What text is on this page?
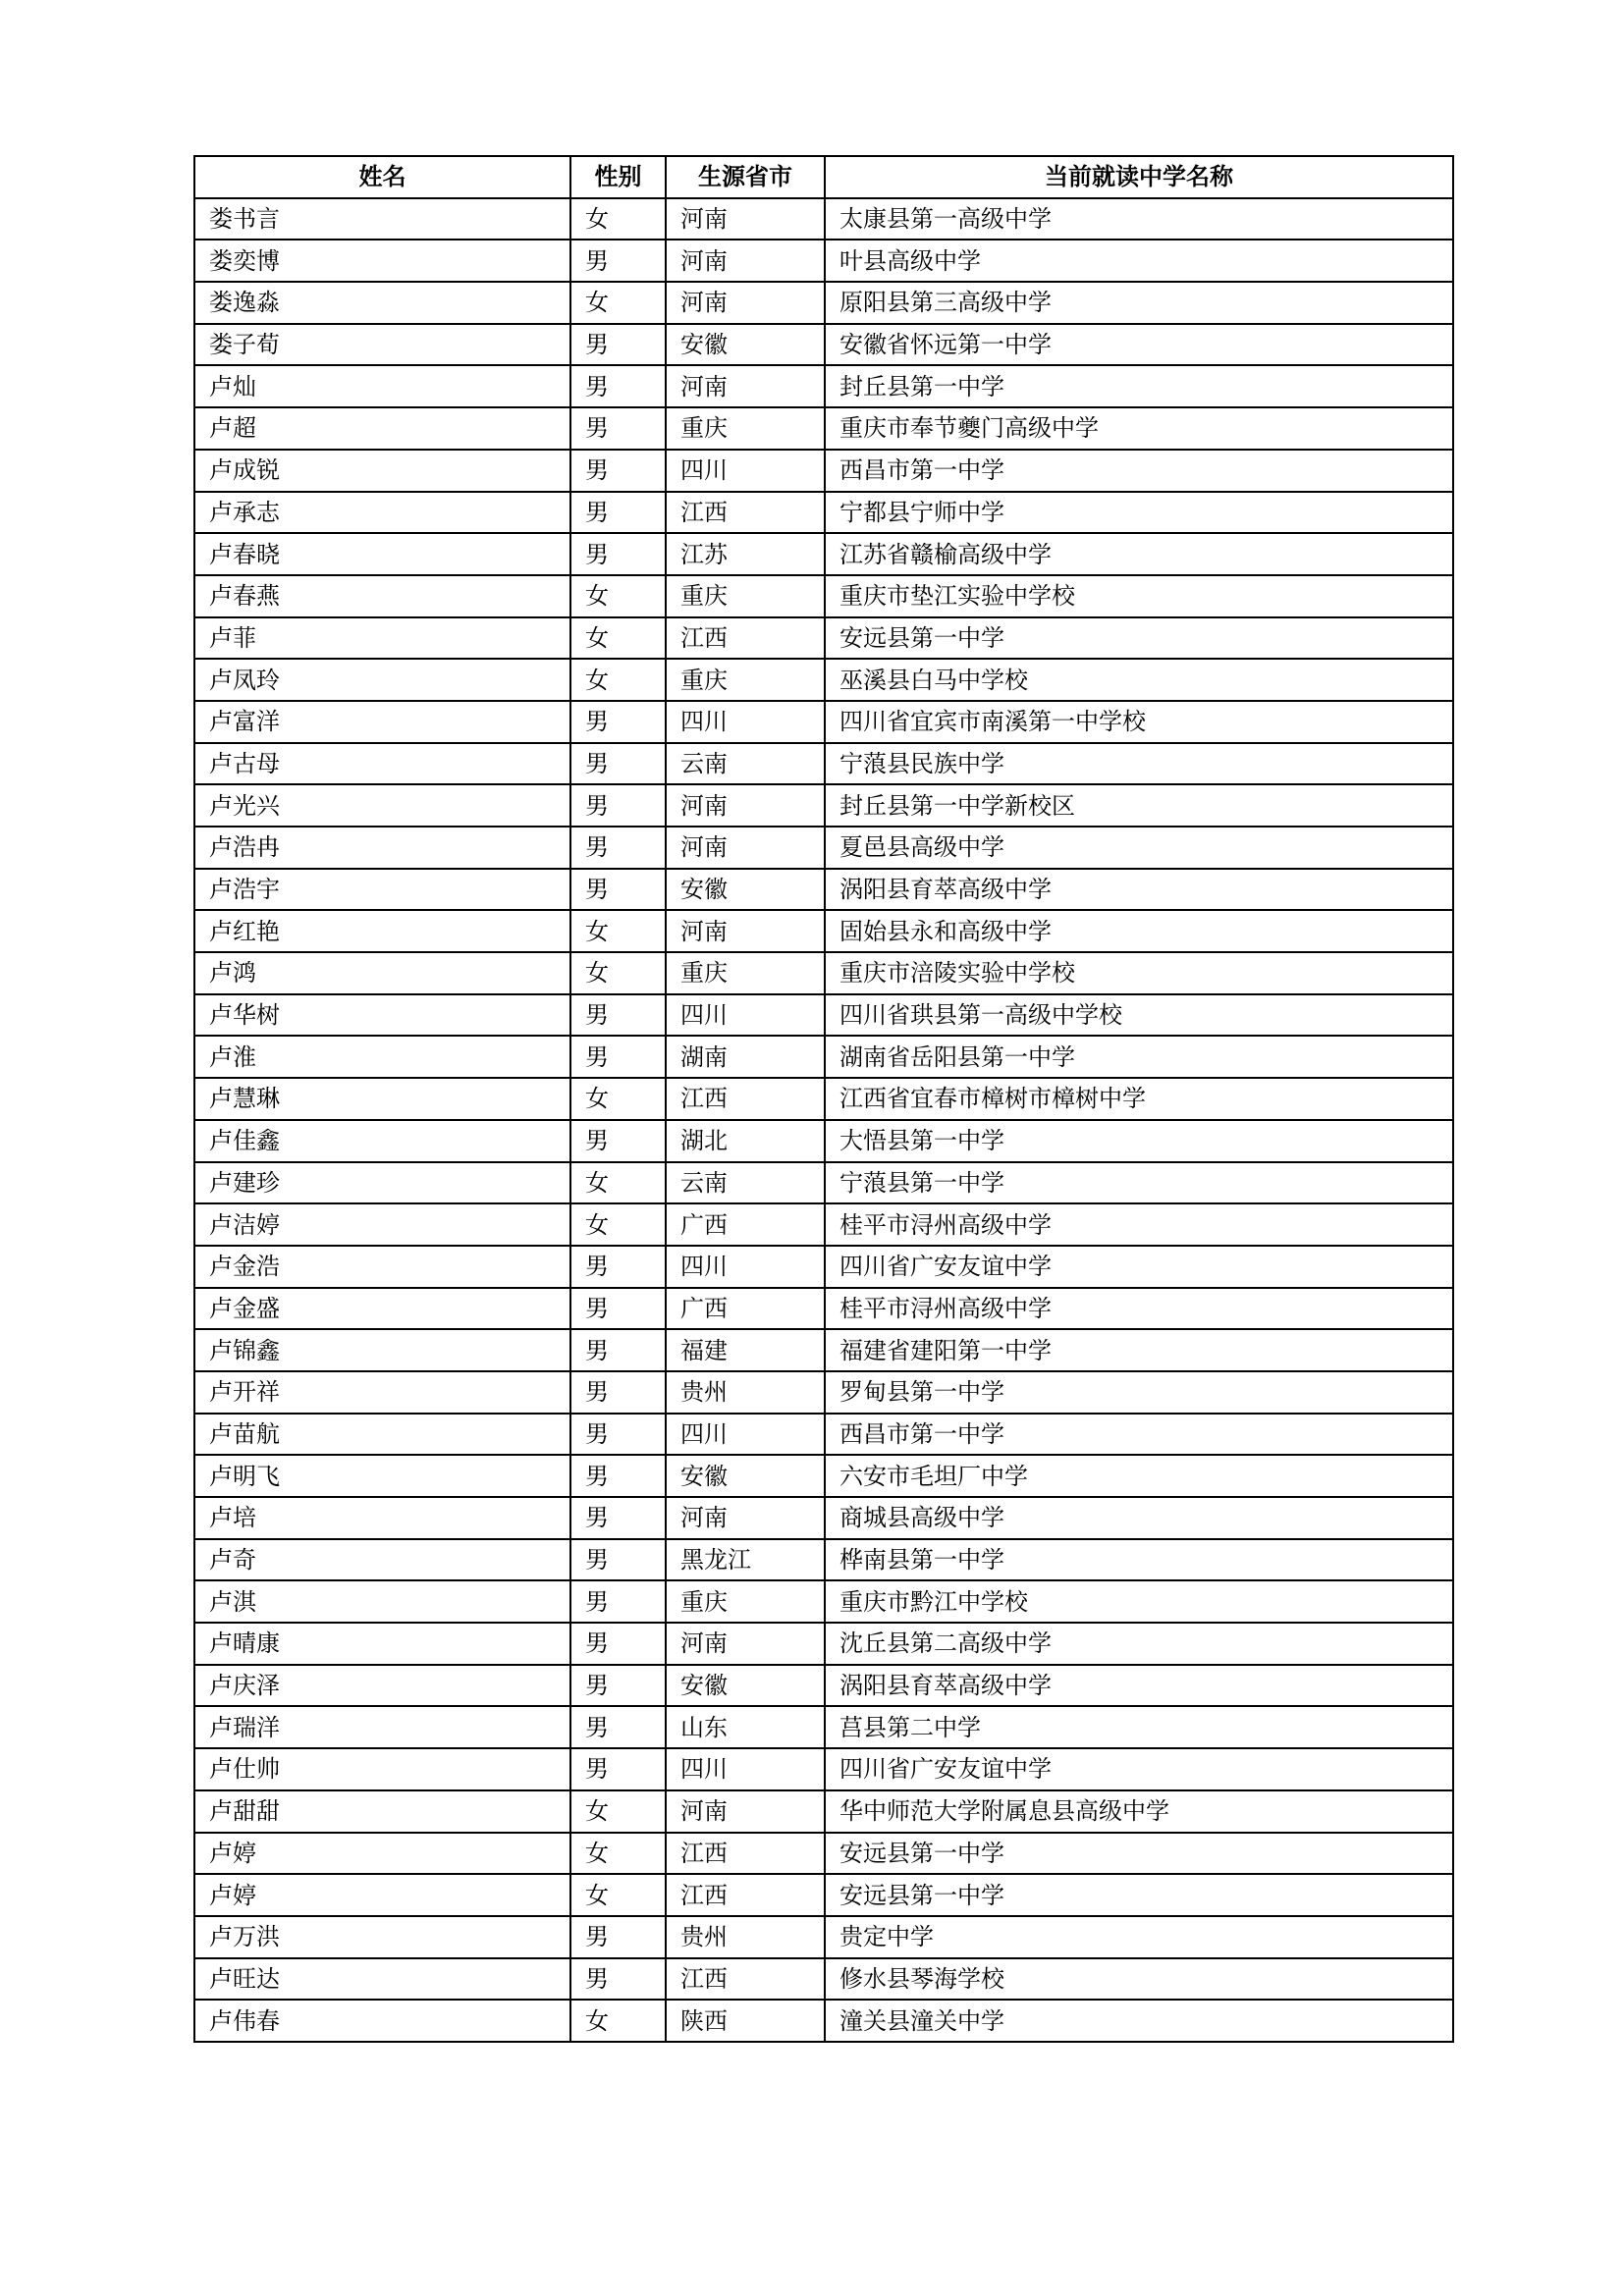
姓名	性别	生源省市	当前就读中学名称
娄书言	女	河南	太康县第一高级中学
娄奕博	男	河南	叶县高级中学
娄逸淼	女	河南	原阳县第三高级中学
娄子荀	男	安徽	安徽省怀远第一中学
卢灿	男	河南	封丘县第一中学
卢超	男	重庆	重庆市奉节夔门高级中学
卢成锐	男	四川	西昌市第一中学
卢承志	男	江西	宁都县宁师中学
卢春晓	男	江苏	江苏省赣榆高级中学
卢春燕	女	重庆	重庆市垫江实验中学校
卢菲	女	江西	安远县第一中学
卢凤玲	女	重庆	巫溪县白马中学校
卢富洋	男	四川	四川省宜宾市南溪第一中学校
卢古母	男	云南	宁蒗县民族中学
卢光兴	男	河南	封丘县第一中学新校区
卢浩冉	男	河南	夏邑县高级中学
卢浩宇	男	安徽	涡阳县育萃高级中学
卢红艳	女	河南	固始县永和高级中学
卢鸿	女	重庆	重庆市涪陵实验中学校
卢华树	男	四川	四川省珙县第一高级中学校
卢淮	男	湖南	湖南省岳阳县第一中学
卢慧琳	女	江西	江西省宜春市樟树市樟树中学
卢佳鑫	男	湖北	大悟县第一中学
卢建珍	女	云南	宁蒗县第一中学
卢洁婷	女	广西	桂平市浔州高级中学
卢金浩	男	四川	四川省广安友谊中学
卢金盛	男	广西	桂平市浔州高级中学
卢锦鑫	男	福建	福建省建阳第一中学
卢开祥	男	贵州	罗甸县第一中学
卢苗航	男	四川	西昌市第一中学
卢明飞	男	安徽	六安市毛坦厂中学
卢培	男	河南	商城县高级中学
卢奇	男	黑龙江	桦南县第一中学
卢淇	男	重庆	重庆市黔江中学校
卢晴康	男	河南	沈丘县第二高级中学
卢庆泽	男	安徽	涡阳县育萃高级中学
卢瑞洋	男	山东	莒县第二中学
卢仕帅	男	四川	四川省广安友谊中学
卢甜甜	女	河南	华中师范大学附属息县高级中学
卢婷	女	江西	安远县第一中学
卢婷	女	江西	安远县第一中学
卢万洪	男	贵州	贵定中学
卢旺达	男	江西	修水县琴海学校
卢伟春	女	陕西	潼关县潼关中学
